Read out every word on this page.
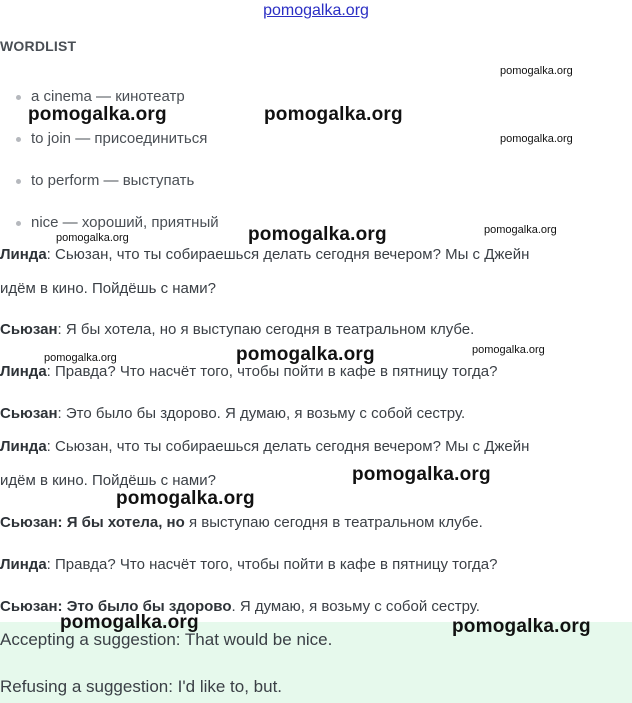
pomogalka.org
WORDLIST
a cinema — кинотеатр
to join — присоединиться
to perform — выступать
nice — хороший, приятный
Линда: Сьюзан, что ты собираешься делать сегодня вечером? Мы с Джейн
идём в кино. Пойдёшь с нами?
Сьюзан: Я бы хотела, но я выступаю сегодня в театральном клубе.
Линда: Правда? Что насчёт того, чтобы пойти в кафе в пятницу тогда?
Сьюзан: Это было бы здорово. Я думаю, я возьму с собой сестру.
Линда: Сьюзан, что ты собираешься делать сегодня вечером? Мы с Джейн
идём в кино. Пойдёшь с нами?
Сьюзан: Я бы хотела, но я выступаю сегодня в театральном клубе.
Линда: Правда? Что насчёт того, чтобы пойти в кафе в пятницу тогда?
Сьюзан: Это было бы здорово. Я думаю, я возьму с собой сестру.
Accepting a suggestion: That would be nice.
Refusing a suggestion: I'd like to, but.
pomogalka.org
pomogalka.org	pomogalka.org
pomogalka.org
pomogalka.org	pomogalka.org	pomogalka.org
pomogalka.org	pomogalka.org	pomogalka.org
pomogalka.org
pomogalka.org
pomogalka.org	pomogalka.org
